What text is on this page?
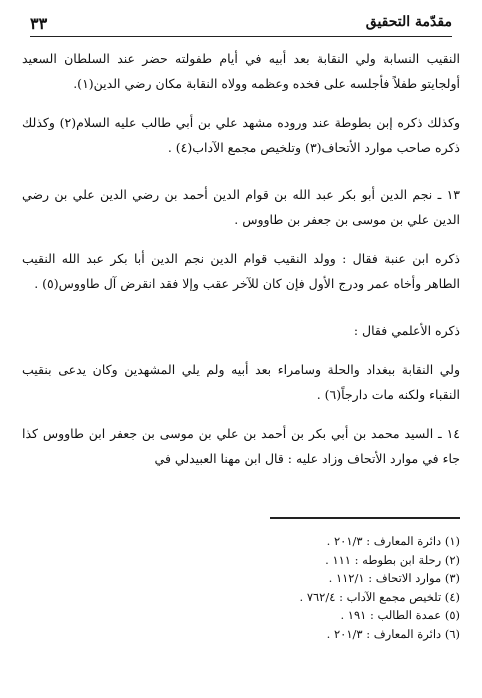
مقدّمة التحقيق
٣٣

النقيب النسابة ولي النقابة بعد أبيه في أيام طفولته حضر عند السلطان السعيد أولجايتو طفلاً فأجلسه على فخده وعظمه وولاه النقابة مكان رضي الدين(١).

وكذلك ذكره إبن بطوطة عند وروده مشهد علي بن أبي طالب عليه السلام(٢) وكذلك ذكره صاحب موارد الأتحاف(٣) وتلخيص مجمع الآداب(٤) .

١٣ ـ نجم الدين أبو بكر عبد الله بن قوام الدين أحمد بن رضي الدين علي بن رضي الدين علي بن موسى بن جعفر بن طاووس .

ذكره ابن عنبة فقال : وولد النقيب قوام الدين نجم الدين أبا بكر عبد الله النقيب الطاهر وأخاه عمر ودرج الأول فإن كان للآخر عقب وإلا فقد انقرض آل طاووس(٥) .

ذكره الأعلمي فقال :

ولي النقابة ببغداد والحلة وسامراء بعد أبيه ولم يلي المشهدين وكان يدعى بنقيب النقباء ولكنه مات دارجاً(٦) .

١٤ ـ السيد محمد بن أبي بكر بن أحمد بن علي بن موسى بن جعفر ابن طاووس كذا جاء في موارد الأتحاف وزاد عليه : قال ابن مهنا العبيدلي في

(١) دائرة المعارف : ٢٠١/٣ .
(٢) رحلة ابن بطوطه : ١١١ .
(٣) موارد الاتحاف : ١١٢/١ .
(٤) تلخيص مجمع الآداب : ٧٦٢/٤ .
(٥) عمدة الطالب : ١٩١ .
(٦) دائرة المعارف : ٢٠١/٣ .
